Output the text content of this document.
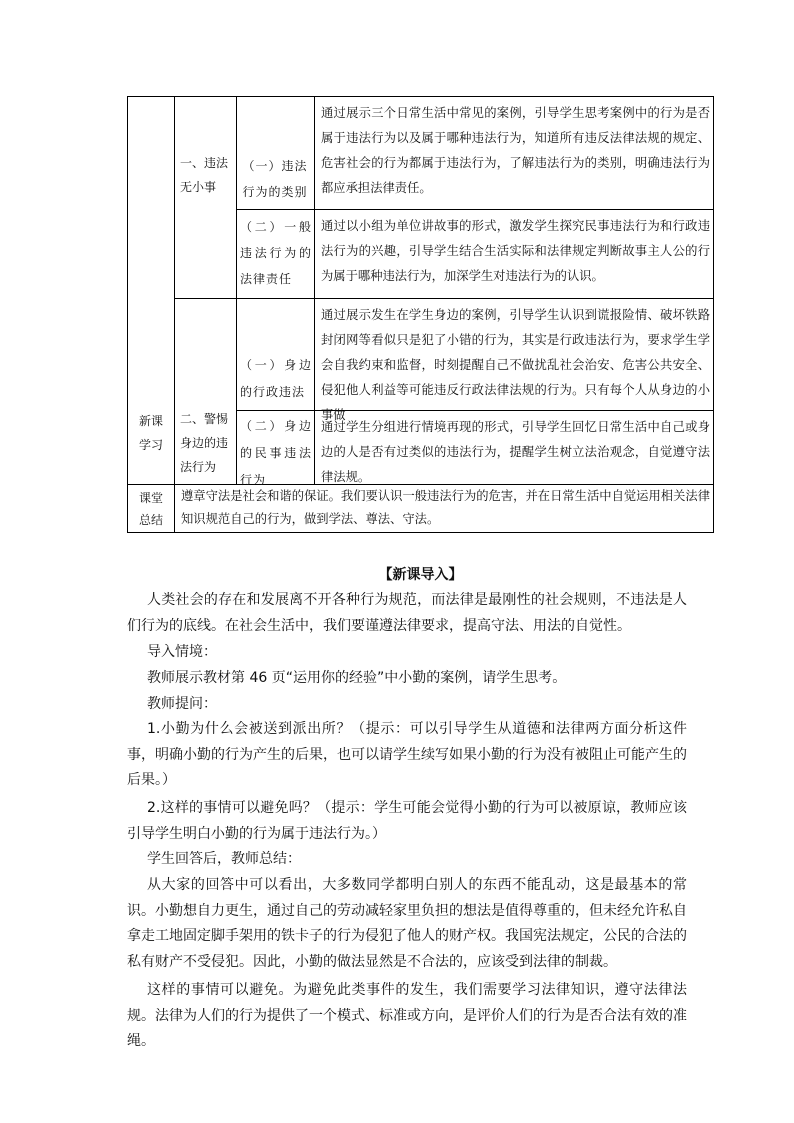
新课学习
课堂总结
一、违法无小事
（一）违法行为的类别
通过展示三个日常生活中常见的案例，引导学生思考案例中的行为是否属于违法行为以及属于哪种违法行为，知道所有违反法律法规的规定、危害社会的行为都属于违法行为，了解违法行为的类别，明确违法行为都应承担法律责任。
（二）一般违法行为的法律责任
通过以小组为单位讲故事的形式，激发学生探究民事违法行为和行政违法行为的兴趣，引导学生结合生活实际和法律规定判断故事主人公的行为属于哪种违法行为，加深学生对违法行为的认识。
二、警惕身边的违法行为
（一）身边的行政违法
通过展示发生在学生身边的案例，引导学生认识到谎报险情、破坏铁路封闭网等看似只是犯了小错的行为，其实是行政违法行为，要求学生学会自我约束和监督，时刻提醒自己不做扰乱社会治安、危害公共安全、侵犯他人利益等可能违反行政法律法规的行为。只有每个人从身边的小事做
（二）身边的民事违法行为
通过学生分组进行情境再现的形式，引导学生回忆日常生活中自己或身边的人是否有过类似的违法行为，提醒学生树立法治观念，自觉遵守法律法规。
遵章守法是社会和谐的保证。我们要认识一般违法行为的危害，并在日常生活中自觉运用相关法律知识规范自己的行为，做到学法、尊法、守法。
【新课导入】

人类社会的存在和发展离不开各种行为规范，而法律是最刚性的社会规则，不违法是人们行为的底线。在社会生活中，我们要谨遵法律要求，提高守法、用法的自觉性。

导入情境：

教师展示教材第 46 页“运用你的经验”中小勤的案例，请学生思考。

教师提问：

1.小勤为什么会被送到派出所？（提示：可以引导学生从道德和法律两方面分析这件事，明确小勤的行为产生的后果，也可以请学生续写如果小勤的行为没有被阻止可能产生的后果。）

2.这样的事情可以避免吗？（提示：学生可能会觉得小勤的行为可以被原谅，教师应该引导学生明白小勤的行为属于违法行为。）

学生回答后，教师总结：

从大家的回答中可以看出，大多数同学都明白别人的东西不能乱动，这是最基本的常识。小勤想自力更生，通过自己的劳动减轻家里负担的想法是值得尊重的，但未经允许私自拿走工地固定脚手架用的铁卡子的行为侵犯了他人的财产权。我国宪法规定，公民的合法的私有财产不受侵犯。因此，小勤的做法显然是不合法的，应该受到法律的制裁。

这样的事情可以避免。为避免此类事件的发生，我们需要学习法律知识，遵守法律法规。法律为人们的行为提供了一个模式、标准或方向，是评价人们的行为是否合法有效的准绳。
